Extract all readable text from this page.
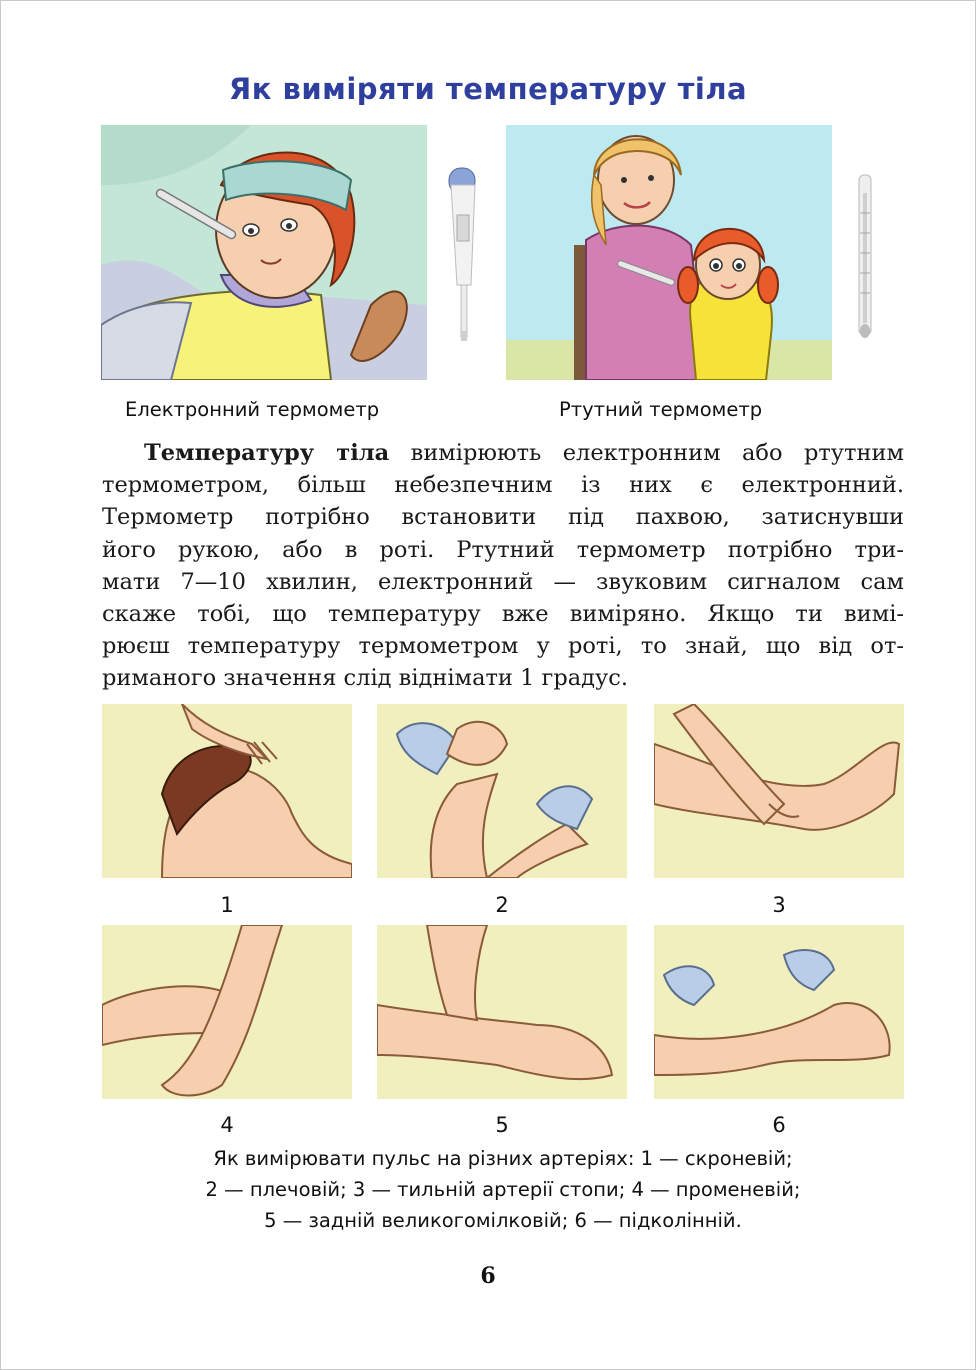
Як виміряти температуру тіла
Електронний термометр	Ртутний термометр
Температуру тіла вимірюють електронним або ртутним
термометром, більш небезпечним із них є електронний.
Термометр потрібно встановити під пахвою, затиснувши
його рукою, або в роті. Ртутний термометр потрібно три-
мати 7—10 хвилин, електронний — звуковим сигналом сам
скаже тобі, що температуру вже виміряно. Якщо ти вимі-
рюєш температуру термометром у роті, то знай, що від от-
риманого значення слід віднімати 1 градус.
1	2	3
4	5	6
Як вимірювати пульс на різних артеріях: 1 — скроневій;
2 — плечовій; 3 — тильній артерії стопи; 4 — променевій;
5 — задній великогомілковій; 6 — підколінній.
6
